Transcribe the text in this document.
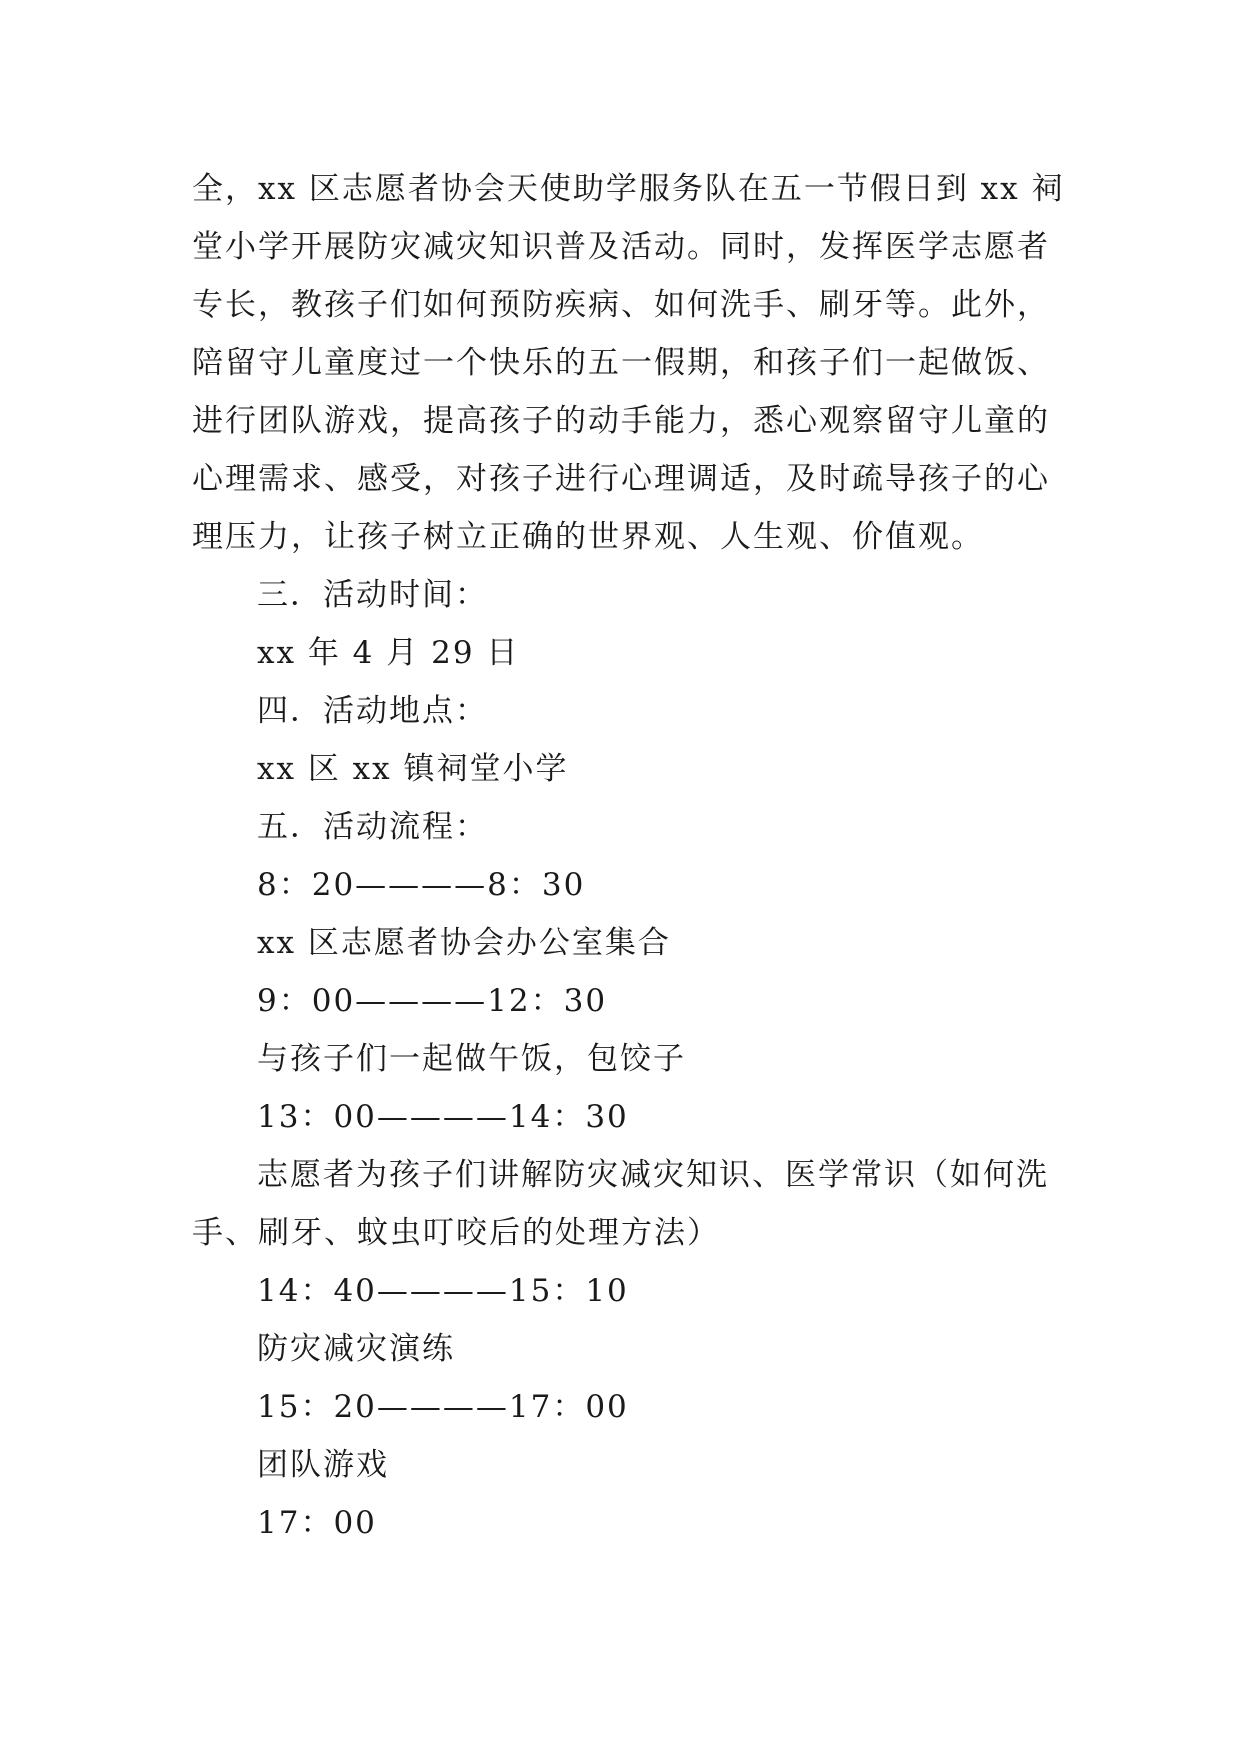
全，xx 区志愿者协会天使助学服务队在五一节假日到 xx 祠
堂小学开展防灾减灾知识普及活动。同时，发挥医学志愿者
专长，教孩子们如何预防疾病、如何洗手、刷牙等。此外，
陪留守儿童度过一个快乐的五一假期，和孩子们一起做饭、
进行团队游戏，提高孩子的动手能力，悉心观察留守儿童的
心理需求、感受，对孩子进行心理调适，及时疏导孩子的心
理压力，让孩子树立正确的世界观、人生观、价值观。
三．活动时间：
xx 年 4 月 29 日
四．活动地点：
xx 区 xx 镇祠堂小学
五．活动流程：
8：20————8：30
xx 区志愿者协会办公室集合
9：00————12：30
与孩子们一起做午饭，包饺子
13：00————14：30
志愿者为孩子们讲解防灾减灾知识、医学常识（如何洗
手、刷牙、蚊虫叮咬后的处理方法）
14：40————15：10
防灾减灾演练
15：20————17：00
团队游戏
17：00
